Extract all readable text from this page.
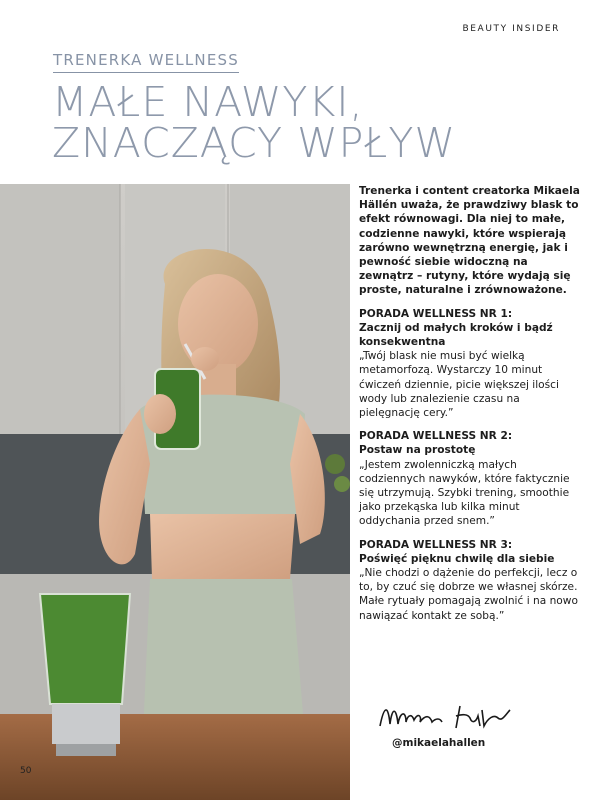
BEAUTY INSIDER
TRENERKA WELLNESS
MAŁE NAWYKI,
ZNACZĄCY WPŁYW

Trenerka i content creatorka Mikaela Hällén uważa, że prawdziwy blask to efekt równowagi. Dla niej to małe, codzienne nawyki, które wspierają zarówno wewnętrzną energię, jak i pewność siebie widoczną na zewnątrz – rutyny, które wydają się proste, naturalne i zrównoważone.

PORADA WELLNESS NR 1:
Zacznij od małych kroków i bądź konsekwentna
„Twój blask nie musi być wielką metamorfozą. Wystarczy 10 minut ćwiczeń dziennie, picie większej ilości wody lub znalezienie czasu na pielęgnację cery.”

PORADA WELLNESS NR 2:
Postaw na prostotę
„Jestem zwolenniczką małych codziennych nawyków, które faktycznie się utrzymują. Szybki trening, smoothie jako przekąska lub kilka minut oddychania przed snem.”

PORADA WELLNESS NR 3:
Poświęć pięknu chwilę dla siebie
„Nie chodzi o dążenie do perfekcji, lecz o to, by czuć się dobrze we własnej skórze. Małe rytuały pomagają zwolnić i na nowo nawiązać kontakt ze sobą.”

@mikaelahallen
50
